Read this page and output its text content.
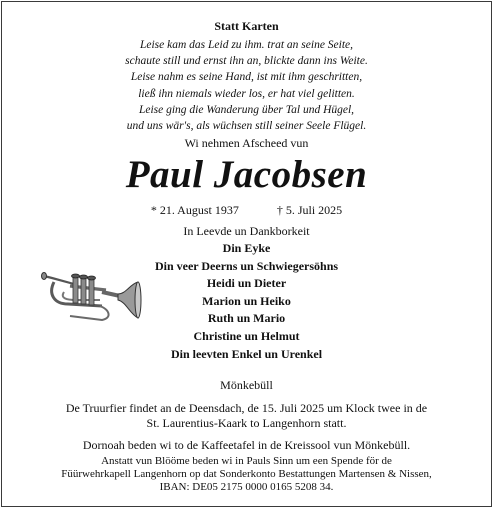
Statt Karten
Leise kam das Leid zu ihm. trat an seine Seite,
schaute still und ernst ihn an, blickte dann ins Weite.
Leise nahm es seine Hand, ist mit ihm geschritten,
ließ ihn niemals wieder los, er hat viel gelitten.
Leise ging die Wanderung über Tal und Hügel,
und uns wär's, als wüchsen still seiner Seele Flügel.
Wi nehmen Afscheed vun
Paul Jacobsen
* 21. August 1937	† 5. Juli 2025
In Leevde un Dankborkeit
Din Eyke
Din veer Deerns un Schwiegersöhns
Heidi un Dieter
Marion un Heiko
Ruth un Mario
Christine un Helmut
Din leevten Enkel un Urenkel
Mönkebüll
De Truurfier findet an de Deensdach, de 15. Juli 2025 um Klock twee in de
St. Laurentius-Kaark to Langenhorn statt.
Dornoah beden wi to de Kaffeetafel in de Kreissool vun Mönkebüll.
Anstatt vun Blööme beden wi in Pauls Sinn um een Spende för de
Füürwehrkapell Langenhorn op dat Sonderkonto Bestattungen Martensen & Nissen,
IBAN: DE05 2175 0000 0165 5208 34.
